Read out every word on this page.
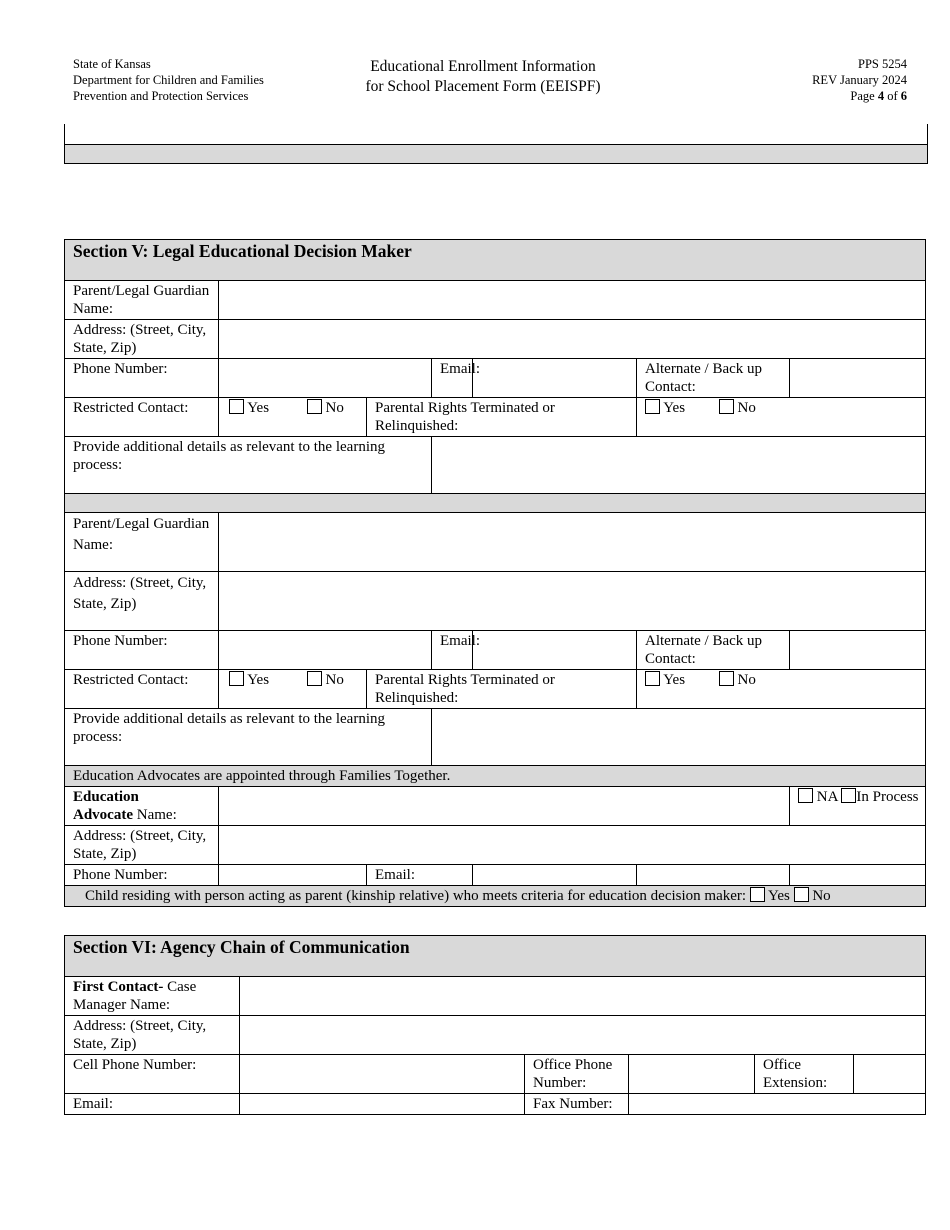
State of Kansas
Department for Children and Families
Prevention and Protection Services
Educational Enrollment Information
for School Placement Form (EEISPF)
PPS 5254
REV January 2024
Page 4 of 6
Section V: Legal Educational Decision Maker						
Parent/Legal Guardian Name:						
Address: (Street, City, State, Zip)						
Phone Number:			Email:		Alternate / Back up Contact:	
Restricted Contact:	Yes No	Parental Rights Terminated or Relinquished:			Yes No	
Provide additional details as relevant to the learning process:						

Parent/Legal Guardian Name:						
Address: (Street, City, State, Zip)						
Phone Number:			Email:		Alternate / Back up Contact:	
Restricted Contact:	Yes No	Parental Rights Terminated or Relinquished:			Yes No	
Provide additional details as relevant to the learning process:						
Education Advocates are appointed through Families Together.						
Education
Advocate Name:						NA In Process
Address: (Street, City, State, Zip)						
Phone Number:		Email:				
Child residing with person acting as parent (kinship relative) who meets criteria for education decision maker: Yes No						
Section VI: Agency Chain of Communication					
First Contact- Case Manager Name:					
Address: (Street, City, State, Zip)					
Cell Phone Number:		Office Phone Number:		Office Extension:	
Email:		Fax Number:			
